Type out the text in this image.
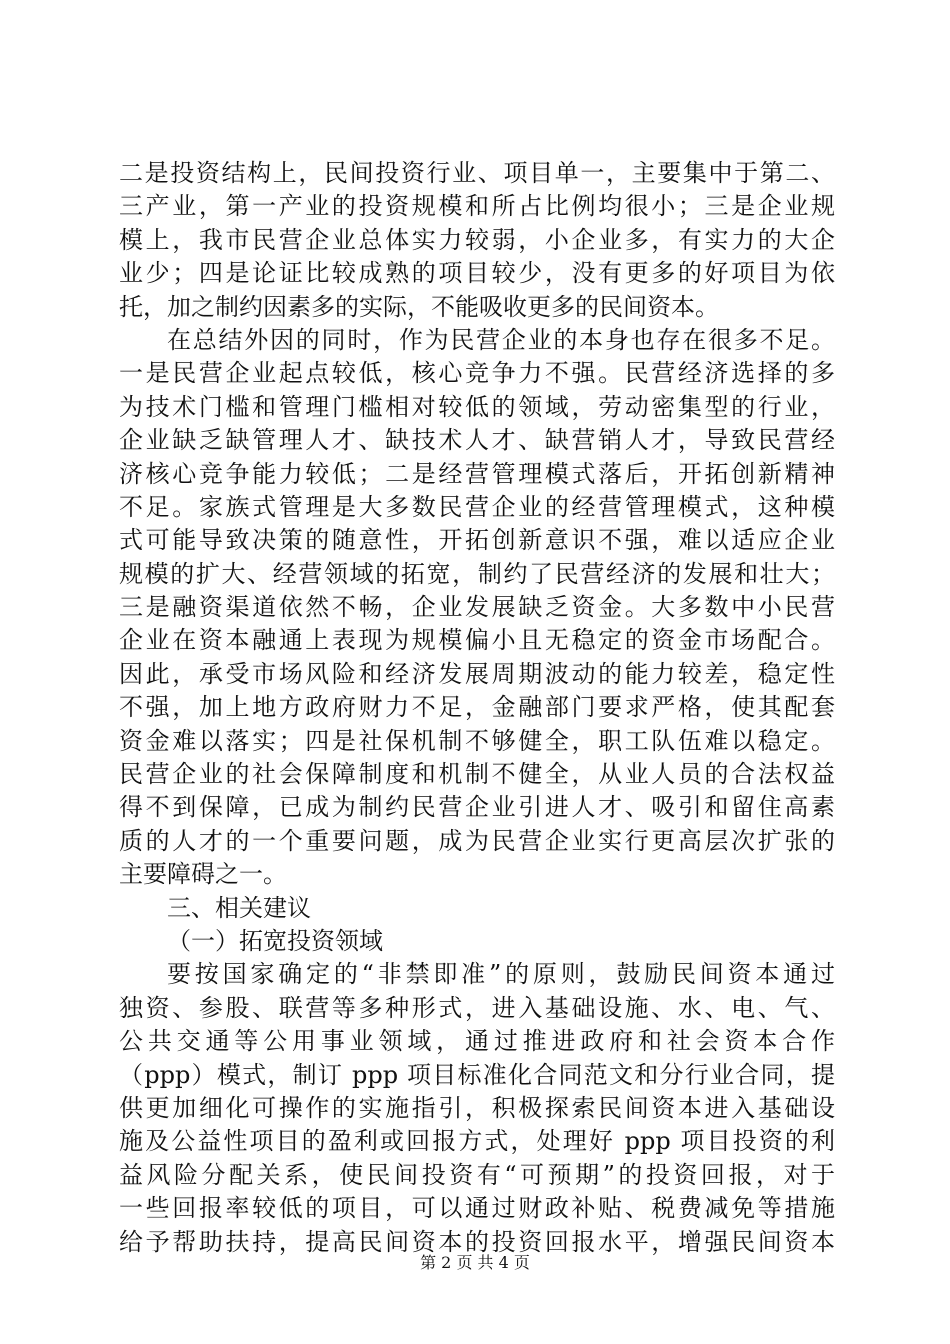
二是投资结构上，民间投资行业、项目单一，主要集中于第二、
三产业，第一产业的投资规模和所占比例均很小；三是企业规
模上，我市民营企业总体实力较弱，小企业多，有实力的大企
业少；四是论证比较成熟的项目较少，没有更多的好项目为依
托，加之制约因素多的实际，不能吸收更多的民间资本。
在总结外因的同时，作为民营企业的本身也存在很多不足。
一是民营企业起点较低，核心竞争力不强。民营经济选择的多
为技术门槛和管理门槛相对较低的领域，劳动密集型的行业，
企业缺乏缺管理人才、缺技术人才、缺营销人才，导致民营经
济核心竞争能力较低；二是经营管理模式落后，开拓创新精神
不足。家族式管理是大多数民营企业的经营管理模式，这种模
式可能导致决策的随意性，开拓创新意识不强，难以适应企业
规模的扩大、经营领域的拓宽，制约了民营经济的发展和壮大；
三是融资渠道依然不畅，企业发展缺乏资金。大多数中小民营
企业在资本融通上表现为规模偏小且无稳定的资金市场配合。
因此，承受市场风险和经济发展周期波动的能力较差，稳定性
不强，加上地方政府财力不足，金融部门要求严格，使其配套
资金难以落实；四是社保机制不够健全，职工队伍难以稳定。
民营企业的社会保障制度和机制不健全，从业人员的合法权益
得不到保障，已成为制约民营企业引进人才、吸引和留住高素
质的人才的一个重要问题，成为民营企业实行更高层次扩张的
主要障碍之一。
三、相关建议
（一）拓宽投资领域
要按国家确定的“非禁即准”的原则，鼓励民间资本通过
独资、参股、联营等多种形式，进入基础设施、水、电、气、
公共交通等公用事业领域，通过推进政府和社会资本合作
（ppp）模式，制订 ppp 项目标准化合同范文和分行业合同，提
供更加细化可操作的实施指引，积极探索民间资本进入基础设
施及公益性项目的盈利或回报方式，处理好 ppp 项目投资的利
益风险分配关系，使民间投资有“可预期”的投资回报，对于
一些回报率较低的项目，可以通过财政补贴、税费减免等措施
给予帮助扶持，提高民间资本的投资回报水平，增强民间资本
第 2 页 共 4 页
